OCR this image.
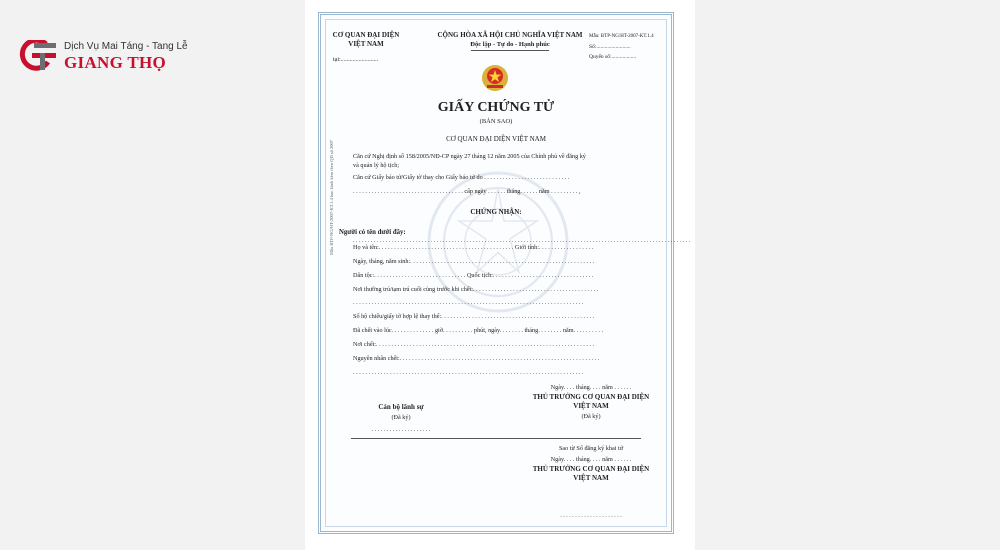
Dịch Vụ Mai Táng - Tang Lễ
GIANG THỌ
Mẫu BTP-NG/HT-2007-KT.1.4 ban hành kèm theo QĐ số 2007
CƠ QUAN ĐẠI DIỆN
VIỆT NAM
tại:.........................
CỘNG HÒA XÃ HỘI CHỦ NGHĨA VIỆT NAM
Độc lập - Tự do - Hạnh phúc
Mẫu: BTP-NG/HT-2007-KT.1.4
Số:.........................
Quyển số:..................
GIẤY CHỨNG TỬ
(BẢN SAO)
CƠ QUAN ĐẠI DIỆN VIỆT NAM
Căn cứ Nghị định số 158/2005/NĐ-CP ngày 27 tháng 12 năm 2005 của Chính phủ về đăng ký
và quản lý hộ tịch;
Căn cứ Giấy báo tử/Giấy tờ thay cho Giấy báo tử do . . . . . . . . . . . . . . . . . . . . . . . . . . . .
. . . . . . . . . . . . . . . . . . . . . . . . . . . . . . . . . . . . cấp ngày . . . . . . tháng. . . . . . năm . . . . . . . . . ,
CHỨNG NHẬN:
Người có tên dưới đây:
. . . . . . . . . . . . . . . . . . . . . . . . . . . . . . . . . . . . . . . . . . . . . . . . . . . . . . . . . . . . . . . . . . . . . . . . . . . . . . . . . . . . . . . . . . . . . . . . . . . . . . . . . . . . . . . . .
Họ và tên:. . . . . . . . . . . . . . . . . . . . . . . . . . . . . . . . . . . . . . . . . . . . Giới tính:. . . . . . . . . . . . . . . . . .
Ngày, tháng, năm sinh:. . . . . . . . . . . . . . . . . . . . . . . . . . . . . . . . . . . . . . . . . . . . . . . . . . . . . . . . . . . .
Dân tộc:. . . . . . . . . . . . . . . . . . . . . . . . . . . . . . Quốc tịch:. . . . . . . . . . . . . . . . . . . . . . . . . . . . . . . . .
Nơi thường trú/tạm trú cuối cùng trước khi chết:. . . . . . . . . . . . . . . . . . . . . . . . . . . . . . . . . . . . . . . . .
. . . . . . . . . . . . . . . . . . . . . . . . . . . . . . . . . . . . . . . . . . . . . . . . . . . . . . . . . . . . . . . . . . . . . . . . . . .
Số hộ chiếu/giấy tờ hợp lệ thay thế:. . . . . . . . . . . . . . . . . . . . . . . . . . . . . . . . . . . . . . . . . . . . . . . . . .
Đã chết vào lúc. . . . . . . . . . . . . . giờ. . . . . . . . . . phút, ngày. . . . . . . . tháng. . . . . . . . năm. . . . . . . . . .
Nơi chết:. . . . . . . . . . . . . . . . . . . . . . . . . . . . . . . . . . . . . . . . . . . . . . . . . . . . . . . . . . . . . . . . . . . . . . .
Nguyên nhân chết:. . . . . . . . . . . . . . . . . . . . . . . . . . . . . . . . . . . . . . . . . . . . . . . . . . . . . . . . . . . . . . . . .
. . . . . . . . . . . . . . . . . . . . . . . . . . . . . . . . . . . . . . . . . . . . . . . . . . . . . . . . . . . . . . . . . . . . . . . . . . .
Ngày. . . . tháng. . . . năm . . . . . .
THỦ TRƯỞNG CƠ QUAN ĐẠI DIỆN
VIỆT NAM
(Đã ký)
Cán bộ lãnh sự
(Đã ký)
. . . . . . . . . . . . . . . . . . . .
Sao từ Sổ đăng ký khai tử
Ngày. . . . tháng. . . . năm . . . . . .
THỦ TRƯỞNG CƠ QUAN ĐẠI DIỆN
VIỆT NAM
. . . . . . . . . . . . . . . . . . . . .
